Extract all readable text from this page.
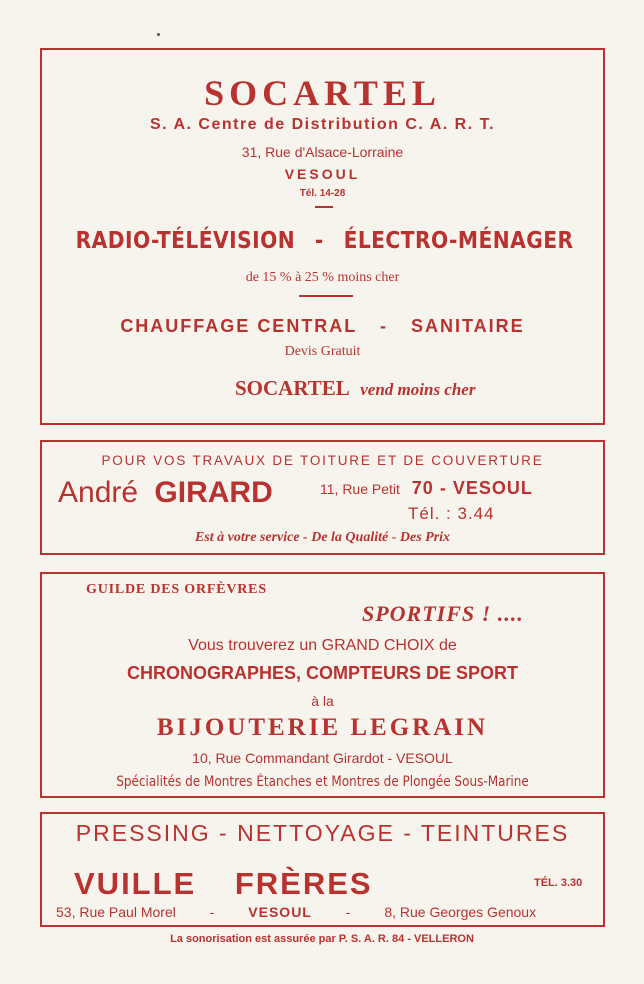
SOCARTEL
S. A. Centre de Distribution C. A. R. T.
31, Rue d'Alsace-Lorraine
VESOUL
Tél. 14-28
RADIO-TÉLÉVISION - ÉLECTRO-MÉNAGER
de 15 % à 25 % moins cher
CHAUFFAGE CENTRAL - SANITAIRE
Devis Gratuit
SOCARTEL vend moins cher
POUR VOS TRAVAUX DE TOITURE ET DE COUVERTURE
André GIRARD	11, Rue Petit 70 - VESOUL
Tél. : 3.44
Est à votre service - De la Qualité - Des Prix
GUILDE DES ORFÈVRES
SPORTIFS ! ....
Vous trouverez un GRAND CHOIX de
CHRONOGRAPHES, COMPTEURS DE SPORT
à la
BIJOUTERIE LEGRAIN
10, Rue Commandant Girardot - VESOUL
Spécialités de Montres Étanches et Montres de Plongée Sous-Marine
PRESSING - NETTOYAGE - TEINTURES
VUILLE FRÈRES	TÉL. 3.30
53, Rue Paul Morel - VESOUL - 8, Rue Georges Genoux
La sonorisation est assurée par P. S. A. R. 84 - VELLERON
